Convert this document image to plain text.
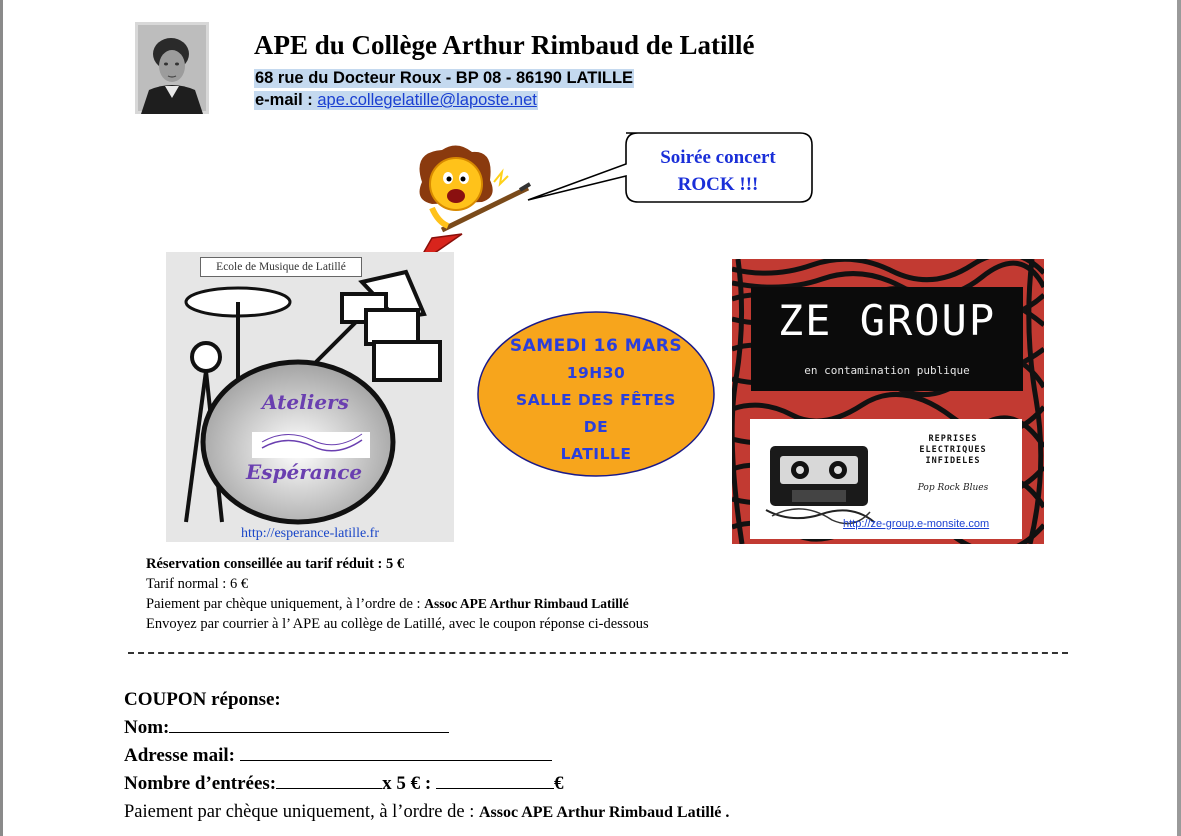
APE du Collège Arthur Rimbaud de Latillé
68 rue du Docteur Roux - BP 08 - 86190 LATILLE
e-mail : ape.collegelatille@laposte.net
Soirée concert
ROCK !!!
Ecole de Musique de Latillé
Ateliers
Espérance
http://esperance-latille.fr
SAMEDI 16 MARS
19H30
SALLE DES FÊTES
DE
LATILLE
ZE GROUP
en contamination publique
REPRISES
ELECTRIQUES
INFIDELES
Pop Rock Blues
http://ze-group.e-monsite.com
Réservation conseillée au tarif réduit : 5 €
Tarif normal : 6 €
Paiement par chèque uniquement, à l’ordre de : Assoc APE Arthur Rimbaud Latillé
Envoyez par courrier à l’ APE au collège de Latillé, avec le coupon réponse ci-dessous
COUPON réponse:
Nom:
Adresse mail:
Nombre d’entrées:	x 5 € :	€
Paiement par chèque uniquement, à l’ordre de : Assoc APE Arthur Rimbaud Latillé .
